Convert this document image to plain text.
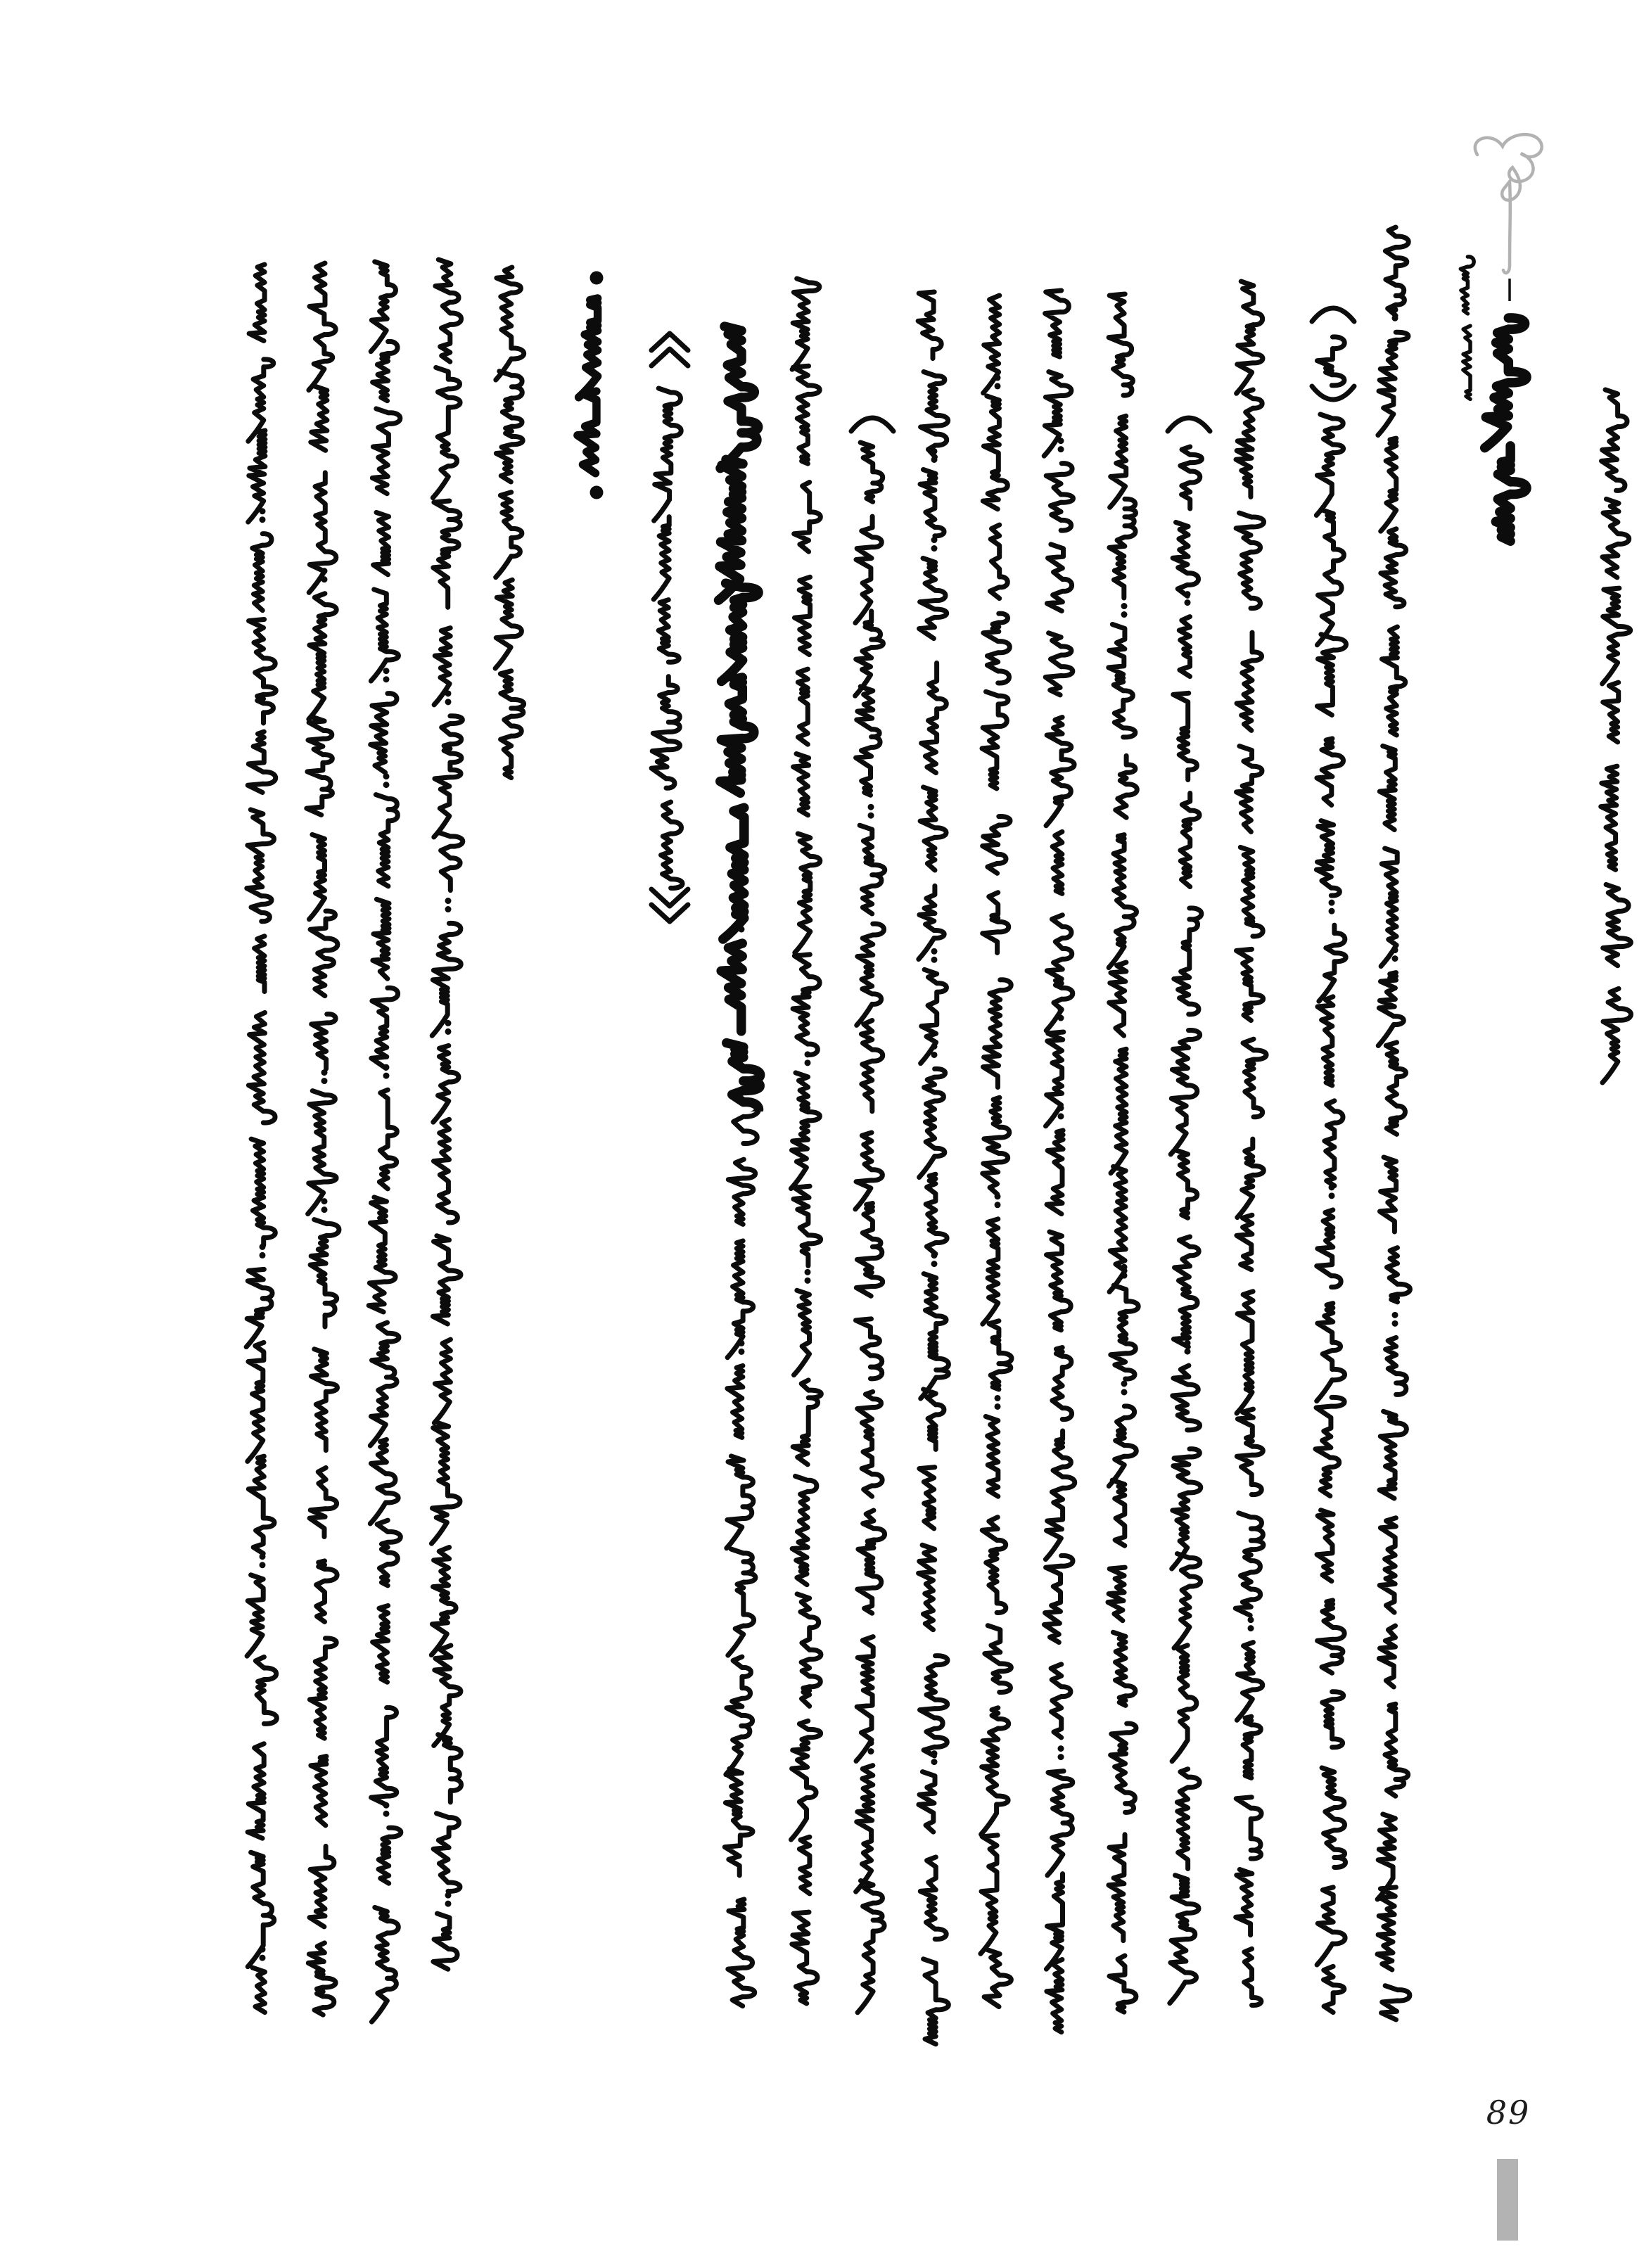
89
